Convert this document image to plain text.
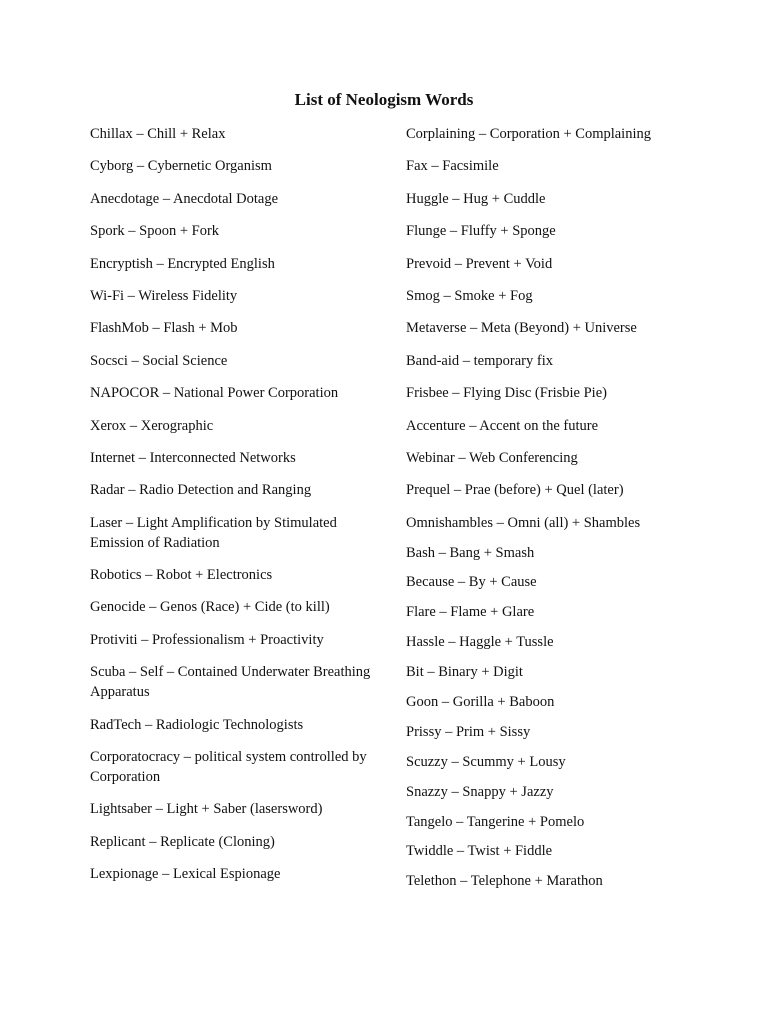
List of Neologism Words
Chillax – Chill + Relax
Cyborg – Cybernetic Organism
Anecdotage – Anecdotal Dotage
Spork – Spoon + Fork
Encryptish – Encrypted English
Wi-Fi – Wireless Fidelity
FlashMob – Flash + Mob
Socsci – Social Science
NAPOCOR – National Power Corporation
Xerox – Xerographic
Internet – Interconnected Networks
Radar – Radio Detection and Ranging
Laser – Light Amplification by Stimulated Emission of Radiation
Robotics – Robot + Electronics
Genocide – Genos (Race) + Cide (to kill)
Protiviti – Professionalism + Proactivity
Scuba – Self – Contained Underwater Breathing Apparatus
RadTech – Radiologic Technologists
Corporatocracy – political system controlled by Corporation
Lightsaber – Light + Saber (lasersword)
Replicant – Replicate (Cloning)
Lexpionage – Lexical Espionage
Corplaining – Corporation + Complaining
Fax – Facsimile
Huggle – Hug + Cuddle
Flunge – Fluffy + Sponge
Prevoid – Prevent + Void
Smog – Smoke + Fog
Metaverse – Meta (Beyond) + Universe
Band-aid – temporary fix
Frisbee – Flying Disc (Frisbie Pie)
Accenture – Accent on the future
Webinar – Web Conferencing
Prequel – Prae (before) + Quel (later)
Omnishambles – Omni (all) + Shambles
Bash – Bang + Smash
Because – By + Cause
Flare – Flame + Glare
Hassle – Haggle + Tussle
Bit – Binary + Digit
Goon – Gorilla + Baboon
Prissy – Prim + Sissy
Scuzzy – Scummy + Lousy
Snazzy – Snappy + Jazzy
Tangelo – Tangerine + Pomelo
Twiddle – Twist + Fiddle
Telethon – Telephone + Marathon
